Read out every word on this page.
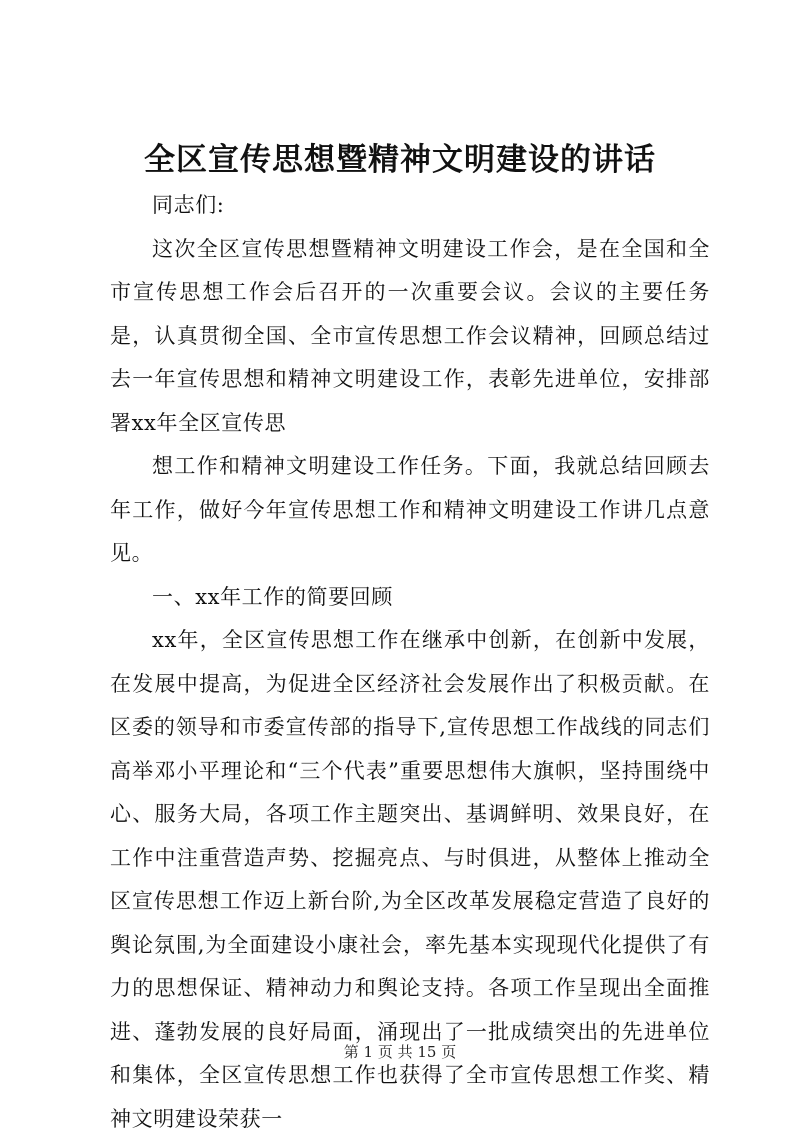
全区宣传思想暨精神文明建设的讲话

同志们:

这次全区宣传思想暨精神文明建设工作会，是在全国和全市宣传思想工作会后召开的一次重要会议。会议的主要任务是，认真贯彻全国、全市宣传思想工作会议精神，回顾总结过去一年宣传思想和精神文明建设工作，表彰先进单位，安排部署xx年全区宣传思

想工作和精神文明建设工作任务。下面，我就总结回顾去年工作，做好今年宣传思想工作和精神文明建设工作讲几点意见。

一、xx年工作的简要回顾

xx年，全区宣传思想工作在继承中创新，在创新中发展，在发展中提高，为促进全区经济社会发展作出了积极贡献。在区委的领导和市委宣传部的指导下,宣传思想工作战线的同志们高举邓小平理论和“三个代表”重要思想伟大旗帜，坚持围绕中心、服务大局，各项工作主题突出、基调鲜明、效果良好，在工作中注重营造声势、挖掘亮点、与时俱进，从整体上推动全区宣传思想工作迈上新台阶,为全区改革发展稳定营造了良好的舆论氛围,为全面建设小康社会，率先基本实现现代化提供了有力的思想保证、精神动力和舆论支持。各项工作呈现出全面推进、蓬勃发展的良好局面，涌现出了一批成绩突出的先进单位和集体，全区宣传思想工作也获得了全市宣传思想工作奖、精神文明建设荣获一

第 1 页 共 15 页
